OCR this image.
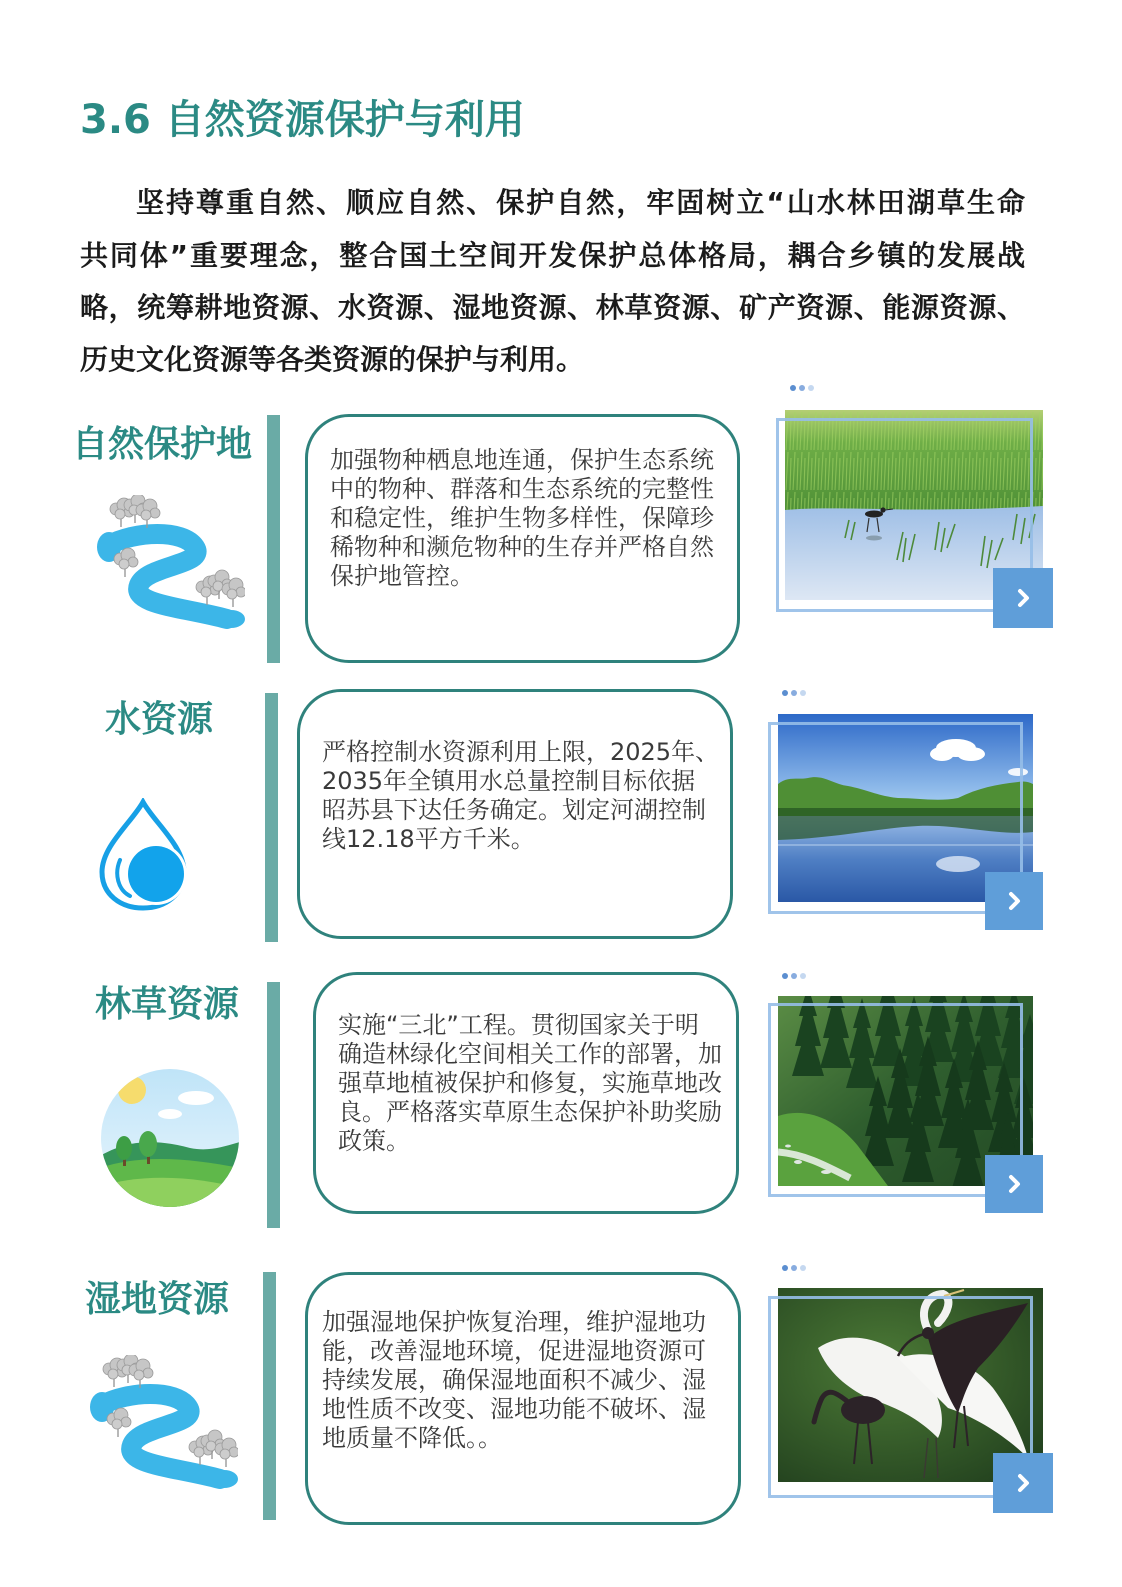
3.6 自然资源保护与利用
坚持尊重自然、顺应自然、保护自然，牢固树立“山水林田湖草生命
共同体”重要理念，整合国土空间开发保护总体格局，耦合乡镇的发展战
略，统筹耕地资源、水资源、湿地资源、林草资源、矿产资源、能源资源、
历史文化资源等各类资源的保护与利用。
自然保护地	加强物种栖息地连通，保护生态系统
中的物种、群落和生态系统的完整性
和稳定性，维护生物多样性，保障珍
稀物种和濒危物种的生存并严格自然
保护地管控。
水资源
严格控制水资源利用上限，2025年、
2035年全镇用水总量控制目标依据
昭苏县下达任务确定。划定河湖控制
线12.18平方千米。
林草资源	实施“三北”工程。贯彻国家关于明
确造林绿化空间相关工作的部署，加
强草地植被保护和修复，实施草地改
良。严格落实草原生态保护补助奖励
政策。
湿地资源
加强湿地保护恢复治理，维护湿地功
能，改善湿地环境，促进湿地资源可
持续发展，确保湿地面积不减少、湿
地性质不改变、湿地功能不破坏、湿
地质量不降低。。
